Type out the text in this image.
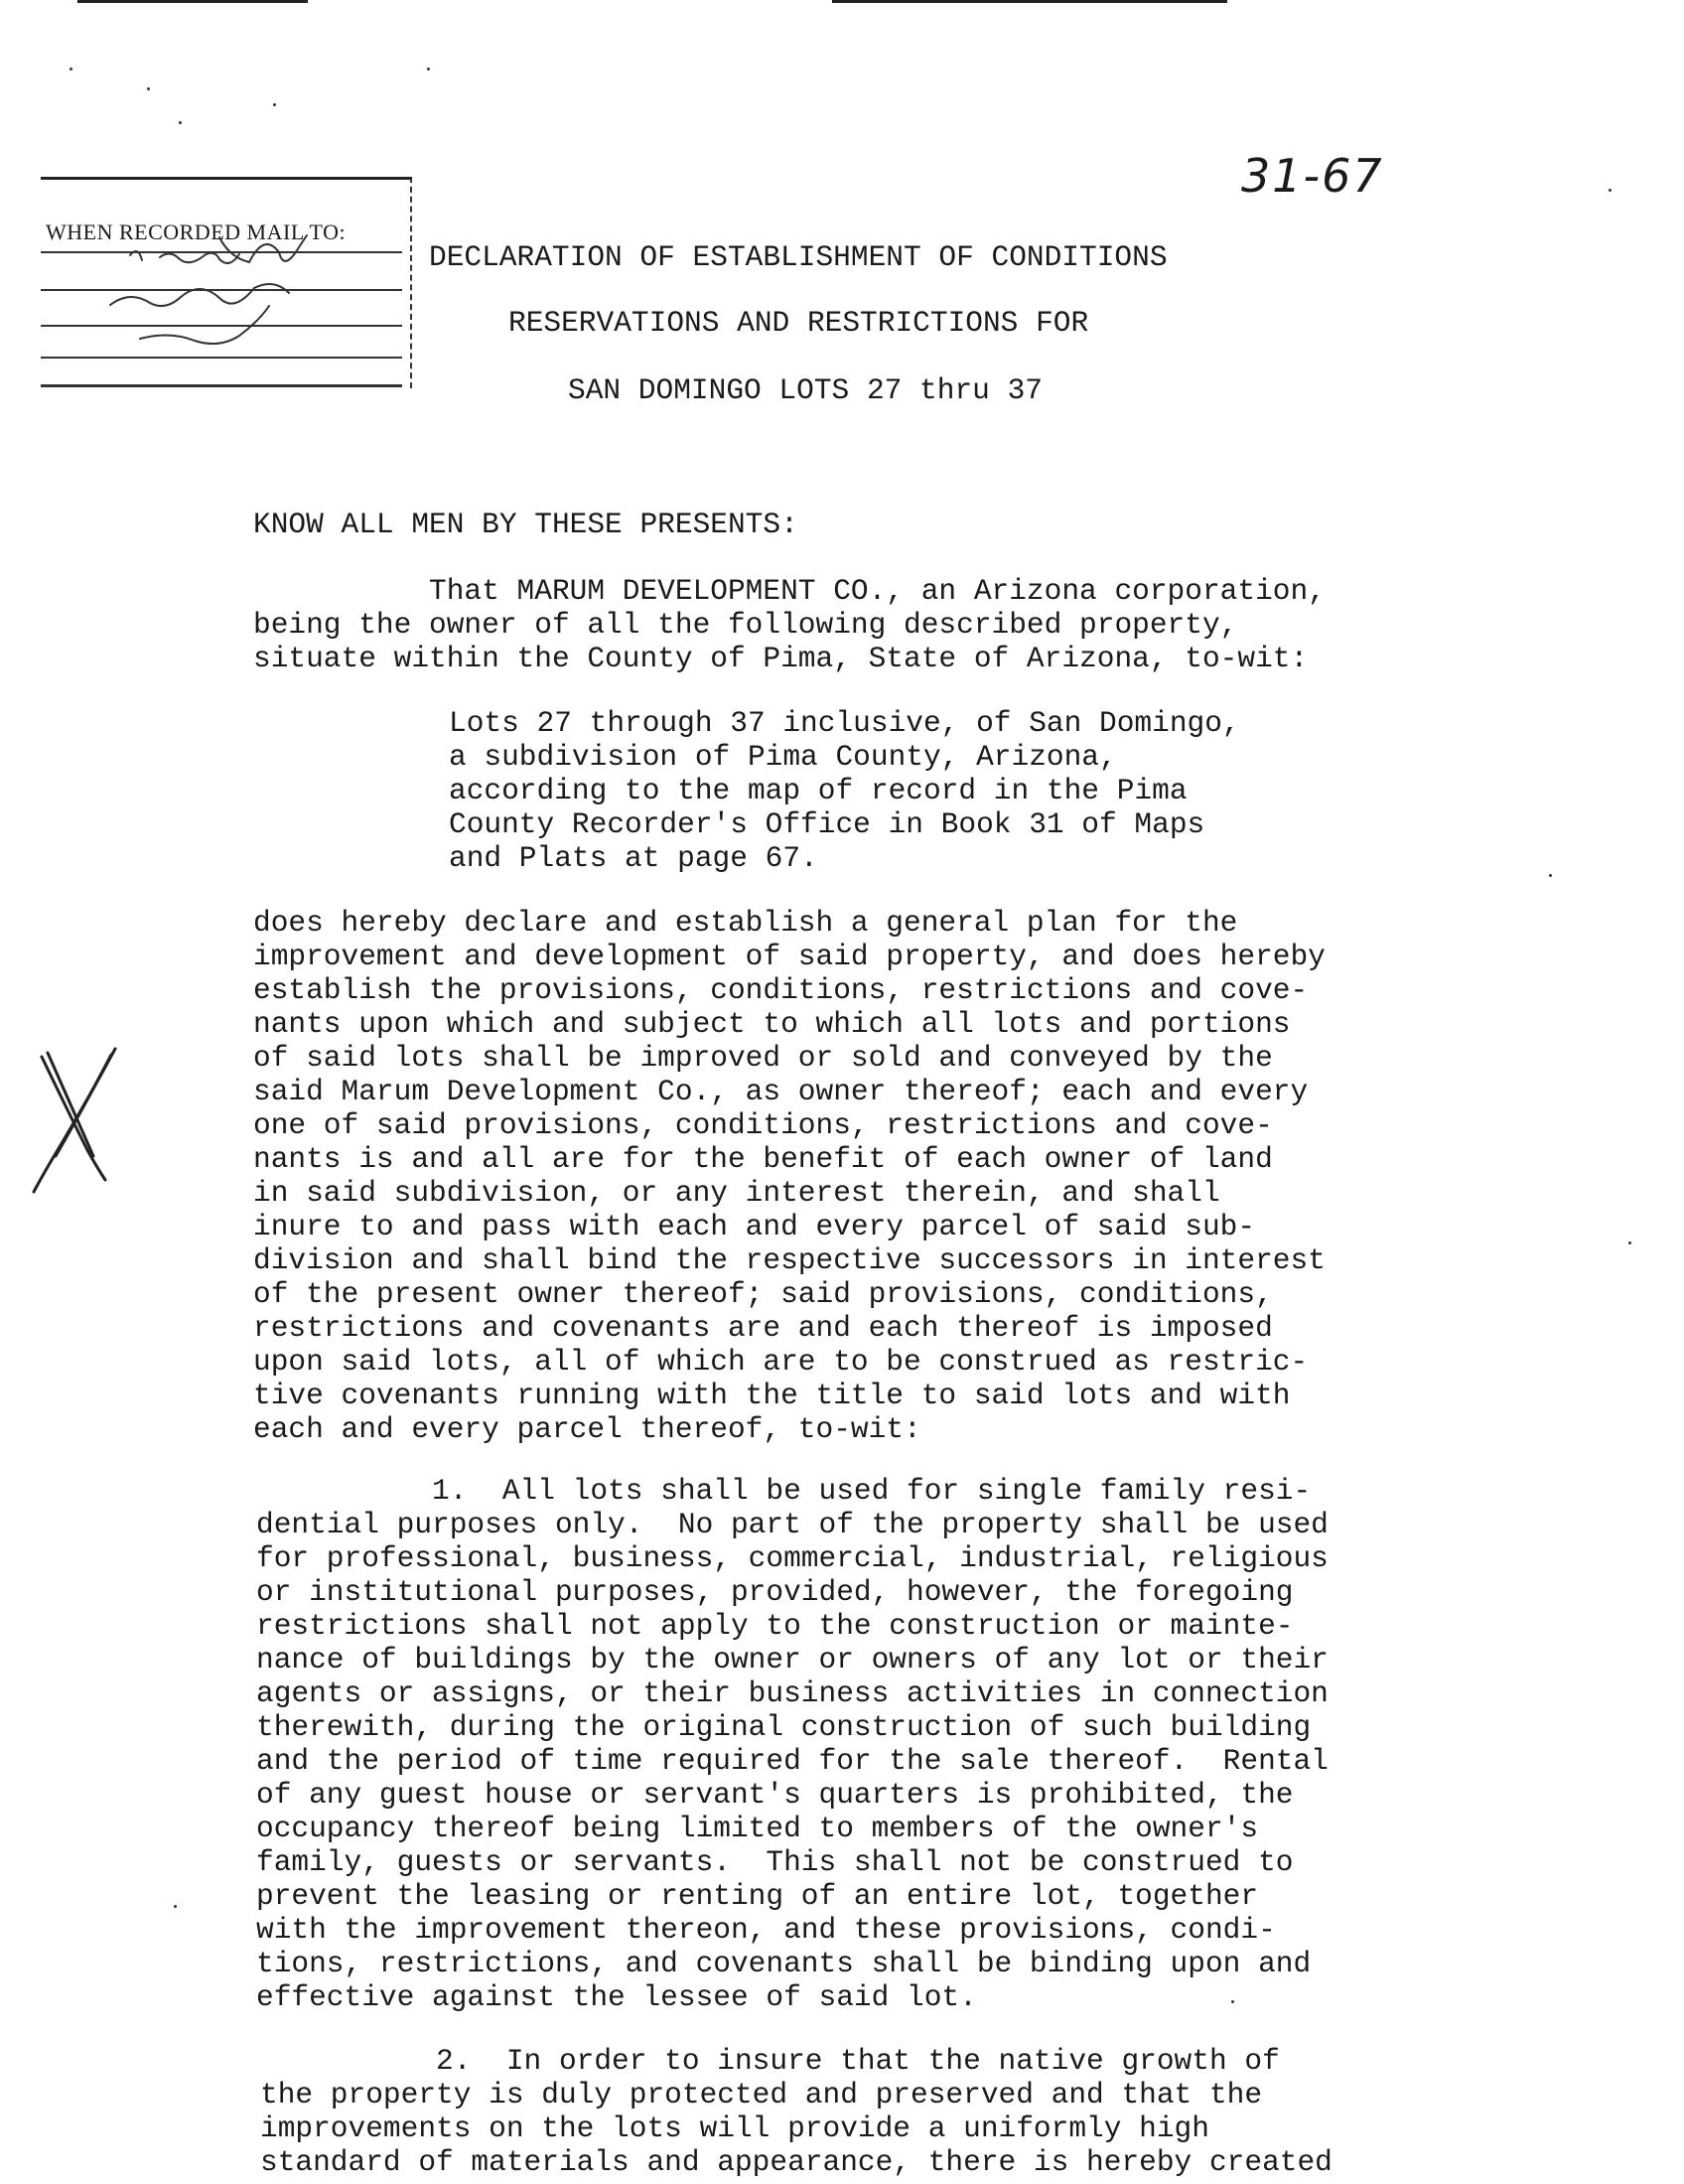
WHEN RECORDED MAIL TO:
31-67
DECLARATION OF ESTABLISHMENT OF CONDITIONS
RESERVATIONS AND RESTRICTIONS FOR
SAN DOMINGO LOTS 27 thru 37
KNOW ALL MEN BY THESE PRESENTS:
That MARUM DEVELOPMENT CO., an Arizona corporation,
being the owner of all the following described property,
situate within the County of Pima, State of Arizona, to-wit:
Lots 27 through 37 inclusive, of San Domingo,
a subdivision of Pima County, Arizona,
according to the map of record in the Pima
County Recorder's Office in Book 31 of Maps
and Plats at page 67.
does hereby declare and establish a general plan for the
improvement and development of said property, and does hereby
establish the provisions, conditions, restrictions and cove-
nants upon which and subject to which all lots and portions
of said lots shall be improved or sold and conveyed by the
said Marum Development Co., as owner thereof; each and every
one of said provisions, conditions, restrictions and cove-
nants is and all are for the benefit of each owner of land
in said subdivision, or any interest therein, and shall
inure to and pass with each and every parcel of said sub-
division and shall bind the respective successors in interest
of the present owner thereof; said provisions, conditions,
restrictions and covenants are and each thereof is imposed
upon said lots, all of which are to be construed as restric-
tive covenants running with the title to said lots and with
each and every parcel thereof, to-wit:
1.  All lots shall be used for single family resi-
dential purposes only.  No part of the property shall be used
for professional, business, commercial, industrial, religious
or institutional purposes, provided, however, the foregoing
restrictions shall not apply to the construction or mainte-
nance of buildings by the owner or owners of any lot or their
agents or assigns, or their business activities in connection
therewith, during the original construction of such building
and the period of time required for the sale thereof.  Rental
of any guest house or servant's quarters is prohibited, the
occupancy thereof being limited to members of the owner's
family, guests or servants.  This shall not be construed to
prevent the leasing or renting of an entire lot, together
with the improvement thereon, and these provisions, condi-
tions, restrictions, and covenants shall be binding upon and
effective against the lessee of said lot.
2.  In order to insure that the native growth of
the property is duly protected and preserved and that the
improvements on the lots will provide a uniformly high
standard of materials and appearance, there is hereby created
